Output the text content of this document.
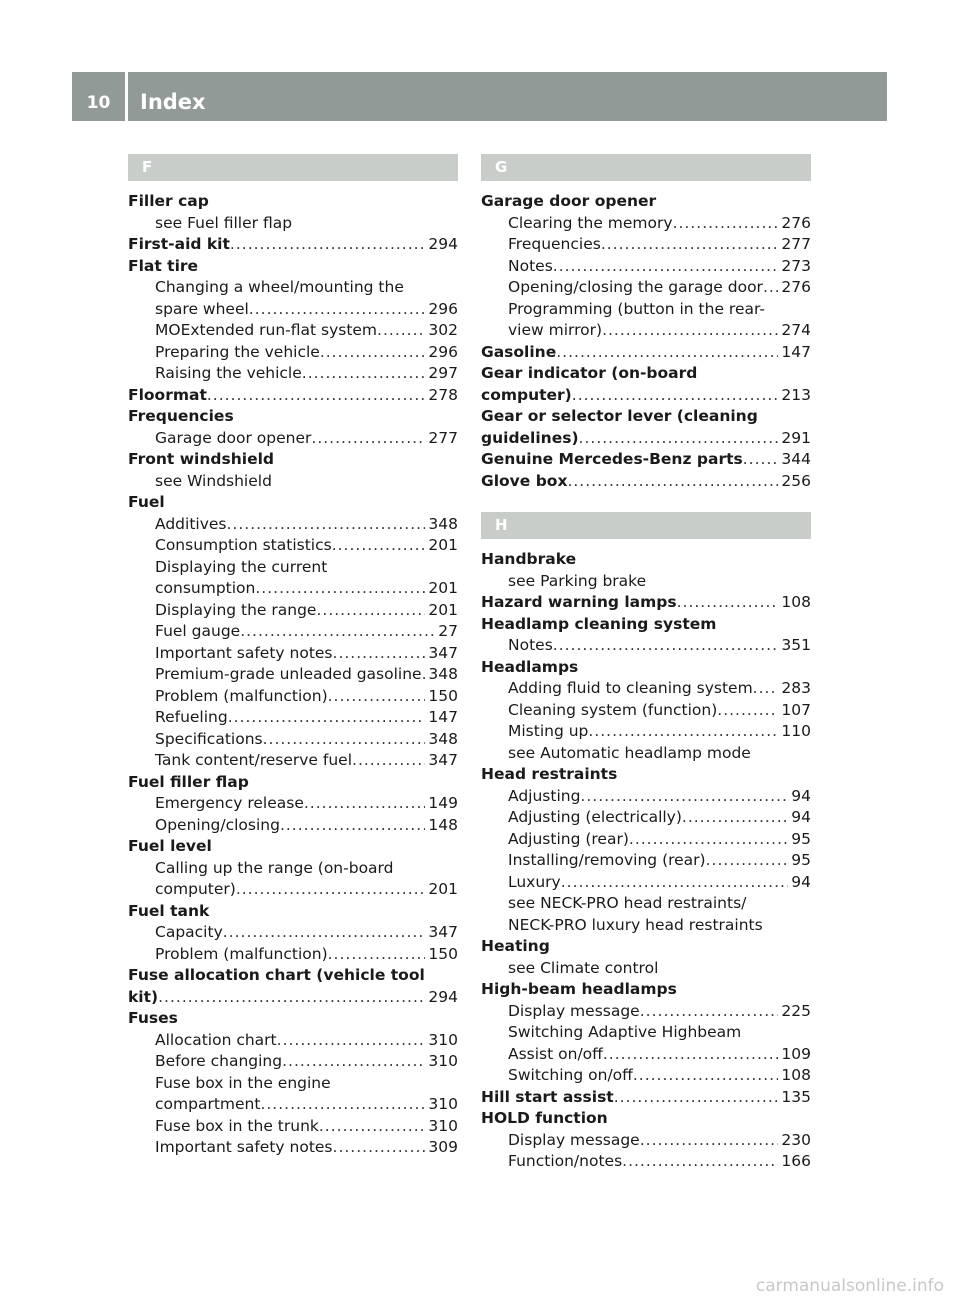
10	Index
F
Filler cap
see Fuel filler flap
First-aid kit .....	294
Flat tire
Changing a wheel/mounting the
spare wheel .....	296
MOExtended run-flat system .....	302
Preparing the vehicle .....	296
Raising the vehicle .....	297
Floormat .....	278
Frequencies
Garage door opener .....	277
Front windshield
see Windshield
Fuel
Additives .....	348
Consumption statistics .....	201
Displaying the current
consumption .....	201
Displaying the range .....	201
Fuel gauge .....	27
Important safety notes .....	347
Premium-grade unleaded gasoline ..... 348
Problem (malfunction) .....	150
Refueling .....	147
Specifications .....	348
Tank content/reserve fuel .....	347
Fuel filler flap
Emergency release .....	149
Opening/closing .....	148
Fuel level
Calling up the range (on-board
computer) .....	201
Fuel tank
Capacity .....	347
Problem (malfunction) .....	150
Fuse allocation chart (vehicle tool
kit) .....	294
Fuses
Allocation chart .....	310
Before changing .....	310
Fuse box in the engine
compartment .....	310
Fuse box in the trunk .....	310
Important safety notes .....	309
G
Garage door opener
Clearing the memory .....	276
Frequencies .....	277
Notes .....	273
Opening/closing the garage door ..... 276
Programming (button in the rear-
view mirror) .....	274
Gasoline .....	147
Gear indicator (on-board
computer) .....	213
Gear or selector lever (cleaning
guidelines) .....	291
Genuine Mercedes-Benz parts ..... 344
Glove box .....	256
H
Handbrake
see Parking brake
Hazard warning lamps .....	108
Headlamp cleaning system
Notes .....	351
Headlamps
Adding fluid to cleaning system ..... 283
Cleaning system (function) .....	107
Misting up .....	110
see Automatic headlamp mode
Head restraints
Adjusting .....	94
Adjusting (electrically) .....	94
Adjusting (rear) .....	95
Installing/removing (rear) .....	95
Luxury .....	94
see NECK-PRO head restraints/
NECK-PRO luxury head restraints
Heating
see Climate control
High-beam headlamps
Display message .....	225
Switching Adaptive Highbeam
Assist on/off .....	109
Switching on/off .....	108
Hill start assist .....	135
HOLD function
Display message .....	230
Function/notes .....	166
carmanualsonline.info
